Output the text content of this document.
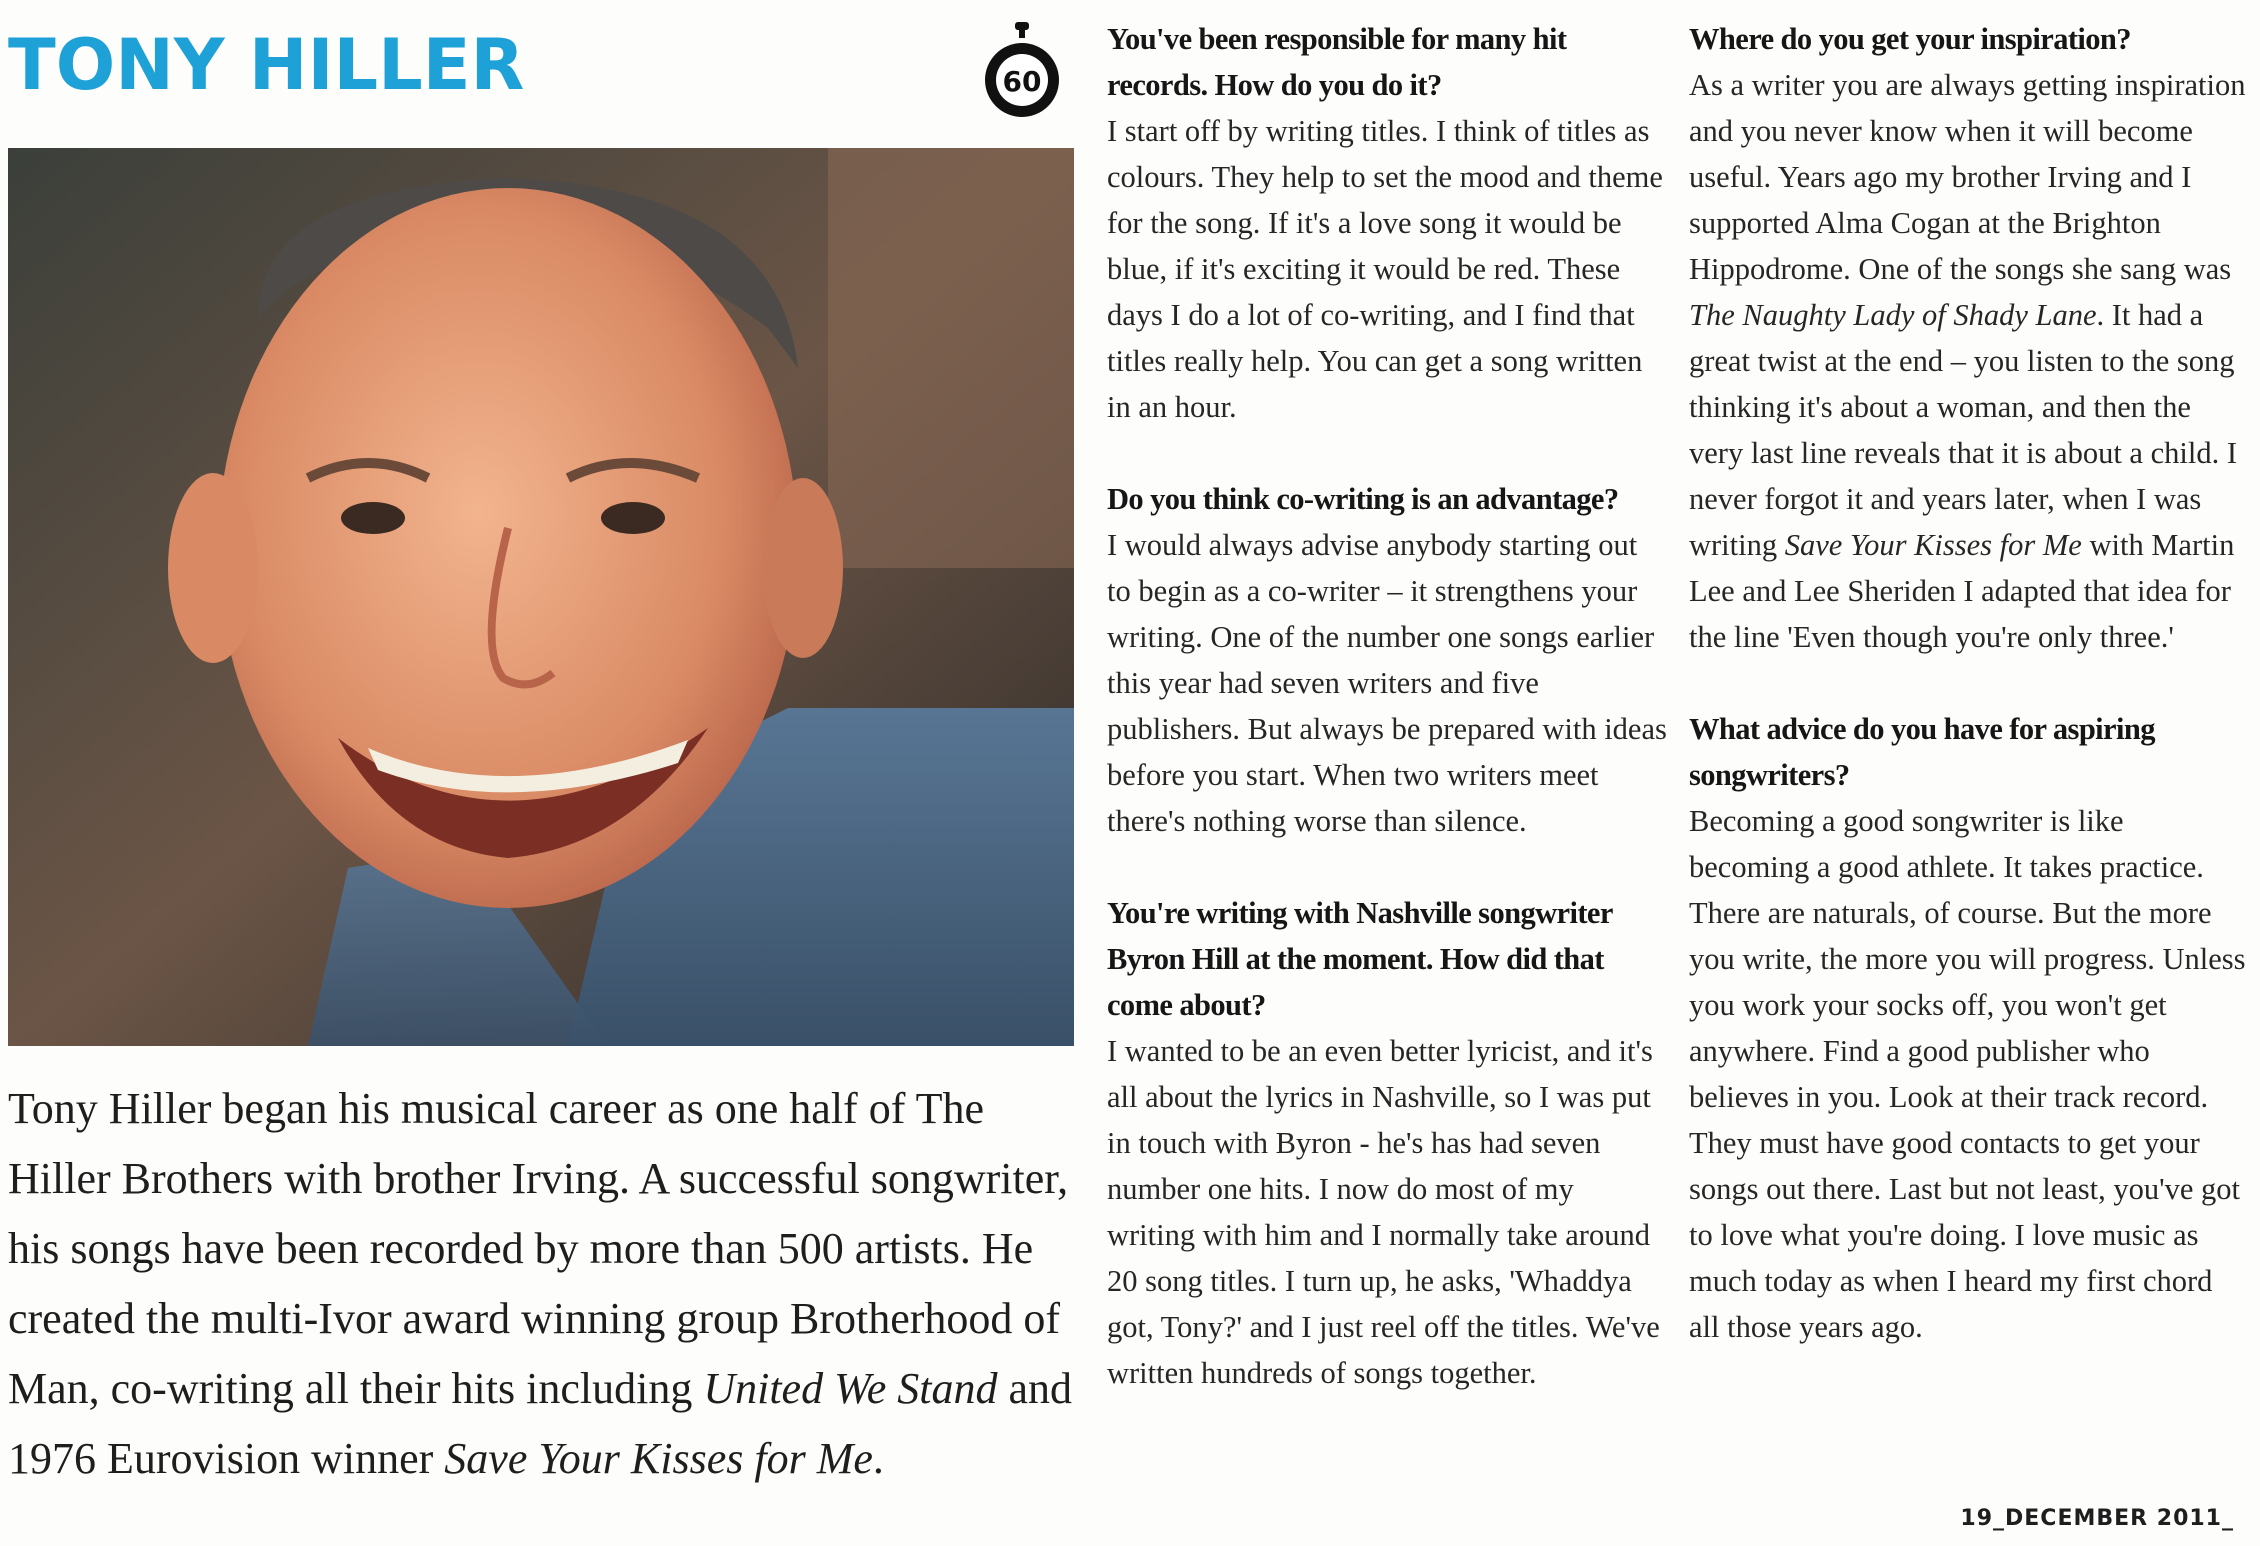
TONY HILLER	60

Tony Hiller began his musical career as one half of The Hiller Brothers with brother Irving. A successful songwriter, his songs have been recorded by more than 500 artists. He created the multi-Ivor award winning group Brotherhood of Man, co-writing all their hits including United We Stand and 1976 Eurovision winner Save Your Kisses for Me.

You've been responsible for many hit records. How do you do it?
I start off by writing titles. I think of titles as colours. They help to set the mood and theme for the song. If it's a love song it would be blue, if it's exciting it would be red. These days I do a lot of co-writing, and I find that titles really help. You can get a song written in an hour.
Do you think co-writing is an advantage?
I would always advise anybody starting out to begin as a co-writer – it strengthens your writing. One of the number one songs earlier this year had seven writers and five publishers. But always be prepared with ideas before you start. When two writers meet there's nothing worse than silence.
You're writing with Nashville songwriter Byron Hill at the moment. How did that come about?
I wanted to be an even better lyricist, and it's all about the lyrics in Nashville, so I was put in touch with Byron - he's has had seven number one hits. I now do most of my writing with him and I normally take around 20 song titles. I turn up, he asks, 'Whaddya got, Tony?' and I just reel off the titles. We've written hundreds of songs together.
Where do you get your inspiration?

As a writer you are always getting inspiration and you never know when it will become useful. Years ago my brother Irving and I supported Alma Cogan at the Brighton Hippodrome. One of the songs she sang was The Naughty Lady of Shady Lane. It had a great twist at the end – you listen to the song thinking it's about a woman, and then the very last line reveals that it is about a child. I never forgot it and years later, when I was writing Save Your Kisses for Me with Martin Lee and Lee Sheriden I adapted that idea for the line 'Even though you're only three.'

What advice do you have for aspiring songwriters?
Becoming a good songwriter is like becoming a good athlete. It takes practice. There are naturals, of course. But the more you write, the more you will progress. Unless you work your socks off, you won't get anywhere. Find a good publisher who believes in you. Look at their track record. They must have good contacts to get your songs out there. Last but not least, you've got to love what you're doing. I love music as much today as when I heard my first chord all those years ago.

19_DECEMBER 2011_
